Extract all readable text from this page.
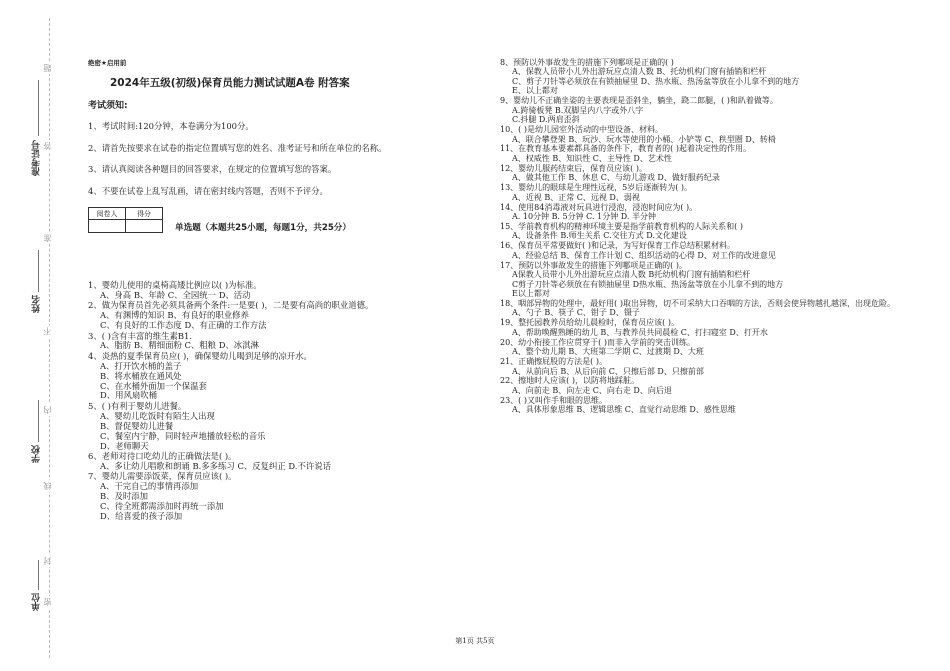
准考证号
姓名
学校
单位 密
封
线
内
不
准
答
题
绝密★启用前
2024年五级(初级)保育员能力测试试题A卷 附答案
考试须知:

1、考试时间:120分钟，本卷满分为100分。

2、请首先按要求在试卷的指定位置填写您的姓名、准考证号和所在单位的名称。

3、请认真阅读各种题目的回答要求，在规定的位置填写您的答案。

4、不要在试卷上乱写乱画，请在密封线内答题，否则不予评分。

阅卷人	得分

单选题（本题共25小题，每题1分，共25分）
1、婴幼儿使用的桌椅高矮比例应以( )为标准。
A、身高 B、年龄 C、全园统一 D、活动
2、做为保育员首先必须具备两个条件:一是要( )，二是要有高尚的职业道德。
A、有渊博的知识 B、有良好的职业修养
C、有良好的工作态度 D、有正确的工作方法
3、( )含有丰富的维生素B1.
A、脂肪 B、精细面粉 C、粗粮 D、冰淇淋
4、炎热的夏季保育员应( )，确保婴幼儿喝到足够的凉开水。
A、打开饮水桶的盖子
B、将水桶放在通风处
C、在水桶外面加一个保温套
D、用风扇吹桶
5、( )有利于婴幼儿进餐。
A、婴幼儿吃饭时有陌生人出现
B、督促婴幼儿进餐
C、餐室内宁静，同时轻声地播放轻松的音乐
D、老师聊天
6、老师对待口吃幼儿的正确做法是( )。
A、多让幼儿唱歌和朗诵 B.多多练习 C、反复纠正 D.不许说话
7、婴幼儿需要添饭菜，保育员应该( )。
A、干完自己的事情再添加
B、及时添加
C、待全班都需添加时再统一添加
D、给喜爱的孩子添加
8、预防以外事故发生的措施下列哪项是正确的( )
A、保教人员带小儿外出游玩应点清人数 B、托幼机构门窗有插销和栏杆
C、剪子刀针等必须放在有锁抽屉里 D、热水瓶、热汤盆等放在小儿拿不到的地方
E、以上都对
9、婴幼儿不正确坐姿的主要表现是歪斜坐，躺坐，跷二郎腿，( )和趴着做等。
A.跨骑板凳 B.双脚呈内八字或外八字
C.抖腿 D.两肩歪斜
10、( )是幼儿园室外活动的中型设备、材料。
A、联合攀登架 B、玩沙、玩水等使用的小桶、小铲等 C、秩型圈 D、转椅
11、在教育基本要素都具备的条件下，教育者的( )起着决定性的作用。
A、权威性 B、知识性 C、主导性 D、艺术性
12、婴幼儿服药结束后，保育员应该( )。
A、做其他工作 B、休息 C、与幼儿游戏 D、做好服药纪录
13、婴幼儿的眼球是生理性远视，5岁后逐渐转为( )。
A、近视 B、正常 C、远视 D、弱视
14、使用84消毒液对玩具进行浸泡，浸泡时间应为( )。
A. 10分钟 B. 5分钟 C. 1分钟 D. 半分钟
15、学前教育机构的精神环境主要是指学前教育机构的人际关系和( )
A、设备条件 B.师生关系 C.交往方式 D.文化建设
16、保育员平常要做好( )和记录，为写好保育工作总结积累材料。
A、经验总结 B、保育工作计划 C、组织活动的心得 D、对工作的改进意见
17、预防以外事故发生的措施下列哪项是正确的( )。
A保教人员带小儿外出游玩应点清人数 B托幼机构门窗有插销和栏杆
C剪子刀针等必须放在有锁抽屉里 D热水瓶、热汤盆等放在小儿拿不到的地方
E以上都对
18、咽部异物的处理中，最好用( )取出异物，切不可采纳大口吞咽的方法，否则会使异物越扎越深，出现危险。
A、勺子 B、筷子 C、钳子 D、镊子
19、整托园教养员给幼儿晨检时，保育员应该( )。
A、帮助唤醒熟睡的幼儿 B、与教养员共同晨检 C、打扫寝室 D、打开水
20、幼小衔接工作应贯穿于( )而非入学前的突击训练。
A、整个幼儿期 B、大班第二学期 C、过渡期 D、大班
21、正确擦屁股的方法是( )。
A、从前向后 B、从后向前 C、只擦后部 D、只擦前部
22、擦地时人应该( )，以防将地踩脏。
A、向前走 B、向左走 C、向右走 D、向后退
23、( )又叫作手和眼的思维。
A、具体形象思维 B、逻辑思维 C、直觉行动思维 D、感性思维
第1页 共5页
